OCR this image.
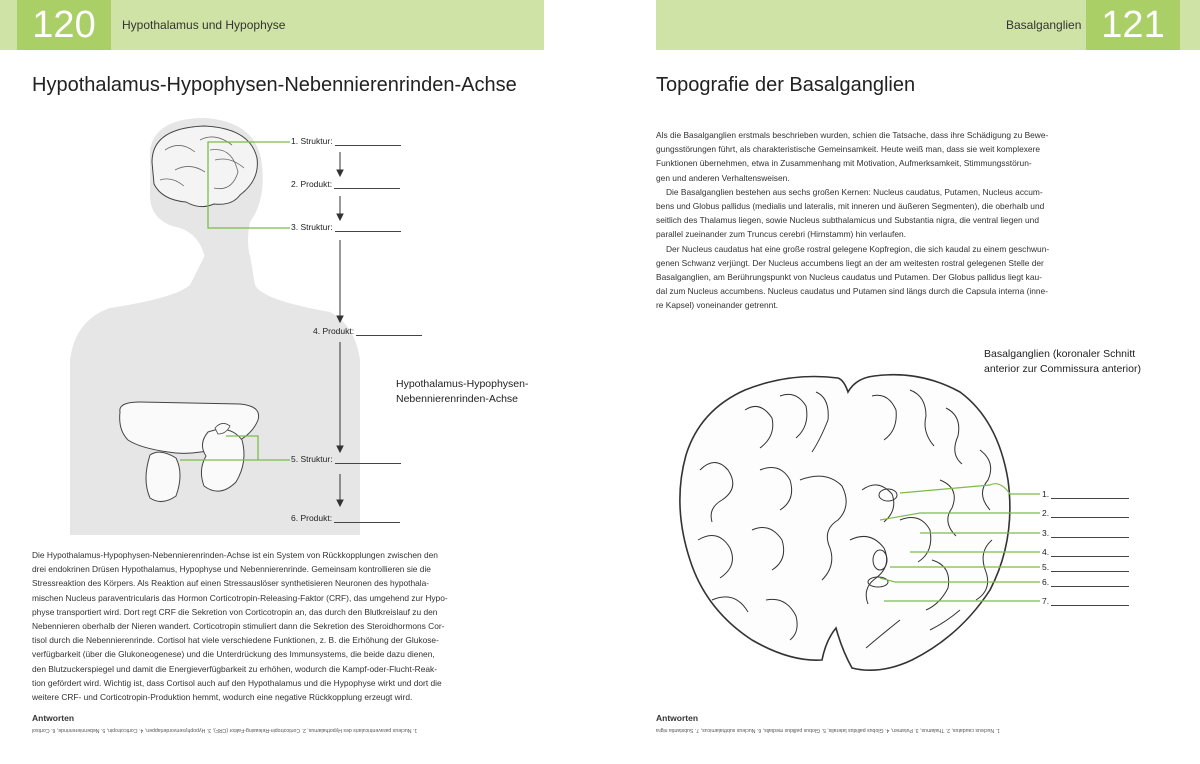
120	Hypothalamus und Hypophyse
Hypothalamus-Hypophysen-Nebennierenrinden-Achse
1. Struktur:
2. Produkt:
3. Struktur:
4. Produkt:
5. Struktur:
6. Produkt:
Hypothalamus-Hypophysen-
Nebennierenrinden-Achse
Die Hypothalamus-Hypophysen-Nebennierenrinden-Achse ist ein System von Rückkopplungen zwischen den
drei endokrinen Drüsen Hypothalamus, Hypophyse und Nebennierenrinde. Gemeinsam kontrollieren sie die
Stressreaktion des Körpers. Als Reaktion auf einen Stressauslöser synthetisieren Neuronen des hypothala-
mischen Nucleus paraventricularis das Hormon Corticotropin-Releasing-Faktor (CRF), das umgehend zur Hypo-
physe transportiert wird. Dort regt CRF die Sekretion von Corticotropin an, das durch den Blutkreislauf zu den
Nebennieren oberhalb der Nieren wandert. Corticotropin stimuliert dann die Sekretion des Steroidhormons Cor-
tisol durch die Nebennierenrinde. Cortisol hat viele verschiedene Funktionen, z. B. die Erhöhung der Glukose-
verfügbarkeit (über die Glukoneogenese) und die Unterdrückung des Immunsystems, die beide dazu dienen,
den Blutzuckerspiegel und damit die Energieverfügbarkeit zu erhöhen, wodurch die Kampf-oder-Flucht-Reak-
tion gefördert wird. Wichtig ist, dass Cortisol auch auf den Hypothalamus und die Hypophyse wirkt und dort die
weitere CRF- und Corticotropin-Produktion hemmt, wodurch eine negative Rückkopplung erzeugt wird.
Antworten
1. Nucleus paraventricularis des Hypothalamus, 2. Corticotropin-Releasing-Faktor (CRF), 3. Hypophysenvorderlappen, 4. Corticotropin, 5. Nebennierenrinde, 6. Cortisol
Basalganglien 121
Topografie der Basalganglien
Als die Basalganglien erstmals beschrieben wurden, schien die Tatsache, dass ihre Schädigung zu Bewe-
gungsstörungen führt, als charakteristische Gemeinsamkeit. Heute weiß man, dass sie weit komplexere
Funktionen übernehmen, etwa in Zusammenhang mit Motivation, Aufmerksamkeit, Stimmungsstörun-
gen und anderen Verhaltensweisen.
Die Basalganglien bestehen aus sechs großen Kernen: Nucleus caudatus, Putamen, Nucleus accum-
bens und Globus pallidus (medialis und lateralis, mit inneren und äußeren Segmenten), die oberhalb und
seitlich des Thalamus liegen, sowie Nucleus subthalamicus und Substantia nigra, die ventral liegen und
parallel zueinander zum Truncus cerebri (Hirnstamm) hin verlaufen.
Der Nucleus caudatus hat eine große rostral gelegene Kopfregion, die sich kaudal zu einem geschwun-
genen Schwanz verjüngt. Der Nucleus accumbens liegt an der am weitesten rostral gelegenen Stelle der
Basalganglien, am Berührungspunkt von Nucleus caudatus und Putamen. Der Globus pallidus liegt kau-
dal zum Nucleus accumbens. Nucleus caudatus und Putamen sind längs durch die Capsula interna (inne-
re Kapsel) voneinander getrennt.
Basalganglien (koronaler Schnitt
anterior zur Commissura anterior)
1.
2.
3.
4.
5.
6.
7.
Antworten
1. Nucleus caudatus, 2. Thalamus, 3. Putamen, 4. Globus pallidus lateralis, 5. Globus pallidus medialis, 6. Nucleus subthalamicus, 7. Substantia nigra
